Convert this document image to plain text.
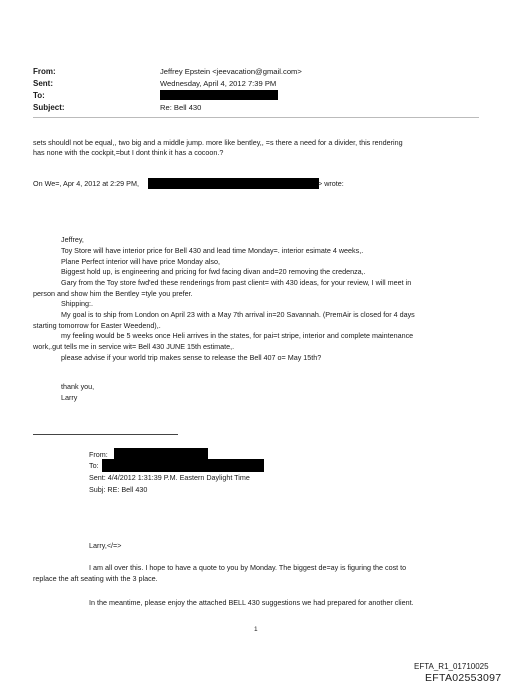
From:
Sent:
To:
Subject:
Jeffrey Epstein <jeevacation@gmail.com>
Wednesday, April 4, 2012 7:39 PM
Re: Bell 430
sets shouldl not be equal,, two big and a middle jump. more like bentley,, =s there a need for a divider, this rendering
has none with the cockpit,=but I dont think it has a cocoon.?
On We=, Apr 4, 2012 at 2:29 PM,	> wrote:
Jeffrey,
Toy Store will have interior price for Bell 430 and lead time Monday=. interior esimate 4 weeks,.
Plane Perfect interior will have price Monday also,
Biggest hold up, is engineering and pricing for fwd facing divan and=20 removing the credenza,.
Gary from the Toy store fwd'ed these renderings from past client= with 430 ideas, for your review, I will meet in
person and show him the Bentley =tyle you prefer.
Shipping:.
My goal is to ship from London on April 23 with a May 7th arrival in=20 Savannah. (PremAir is closed for 4 days
starting tomorrow for Easter Weedend),.
my feeling would be 5 weeks once Heli arrives in the states, for pai=t stripe, interior and complete maintenance
work,.gut tells me in service wit= Bell 430 JUNE 15th estimate,.
please advise if your world trip makes sense to release the Bell 407 o= May 15th?
thank you,
Larry
From:
To:
Sent: 4/4/2012 1:31:39 P.M. Eastern Daylight Time
Subj: RE: Bell 430
Larry,</=>
I am all over this. I hope to have a quote to you by Monday. The biggest de=ay is figuring the cost to
replace the aft seating with the 3 place.
In the meantime, please enjoy the attached BELL 430 suggestions we had prepared for another client.
1
EFTA_R1_01710025
EFTA02553097
